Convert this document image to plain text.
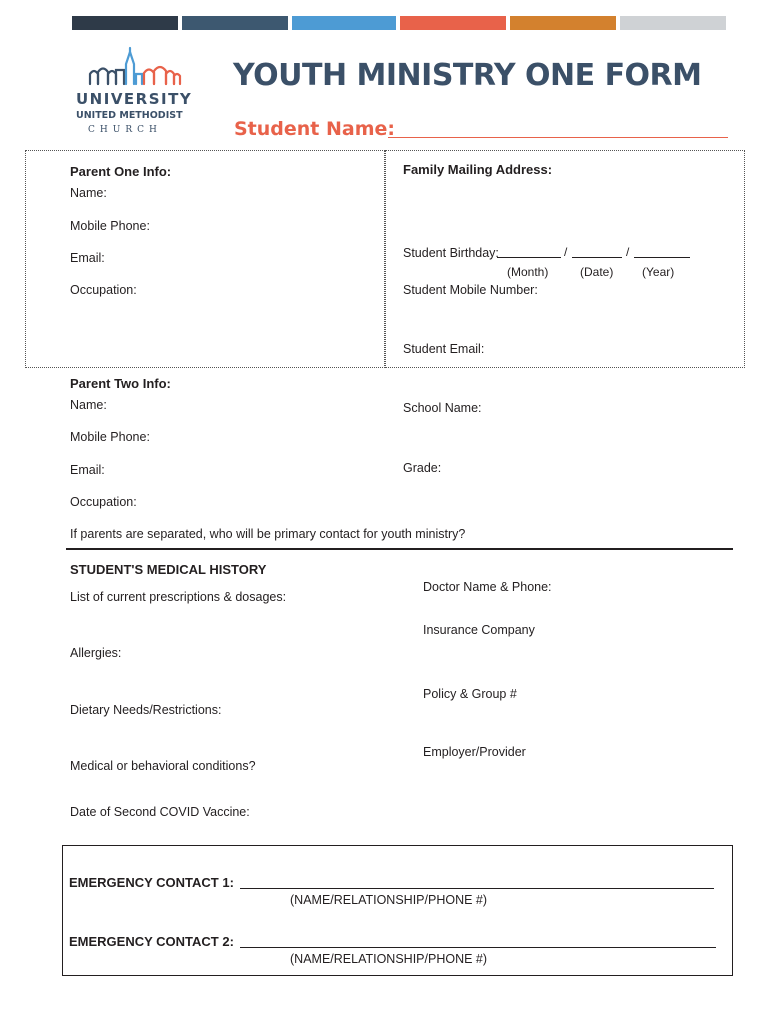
UNIVERSITY
UNITED METHODIST
CHURCH
YOUTH MINISTRY ONE FORM
Student Name:
Parent One Info:
Name:
Mobile Phone:
Email:
Occupation:
Family Mailing Address:
Student Birthday:	/	/
(Month)	(Date) (Year)
Student Mobile Number:
Student Email:
Parent Two Info:
Name:
Mobile Phone:
Email:
Occupation:
School Name:
Grade:
If parents are separated, who will be primary contact for youth ministry?
STUDENT'S MEDICAL HISTORY
List of current prescriptions & dosages:
Allergies:
Dietary Needs/Restrictions:
Medical or behavioral conditions?
Date of Second COVID Vaccine:
Doctor Name & Phone:
Insurance Company
Policy & Group #
Employer/Provider
EMERGENCY CONTACT 1:
(NAME/RELATIONSHIP/PHONE #)
EMERGENCY CONTACT 2:
(NAME/RELATIONSHIP/PHONE #)
